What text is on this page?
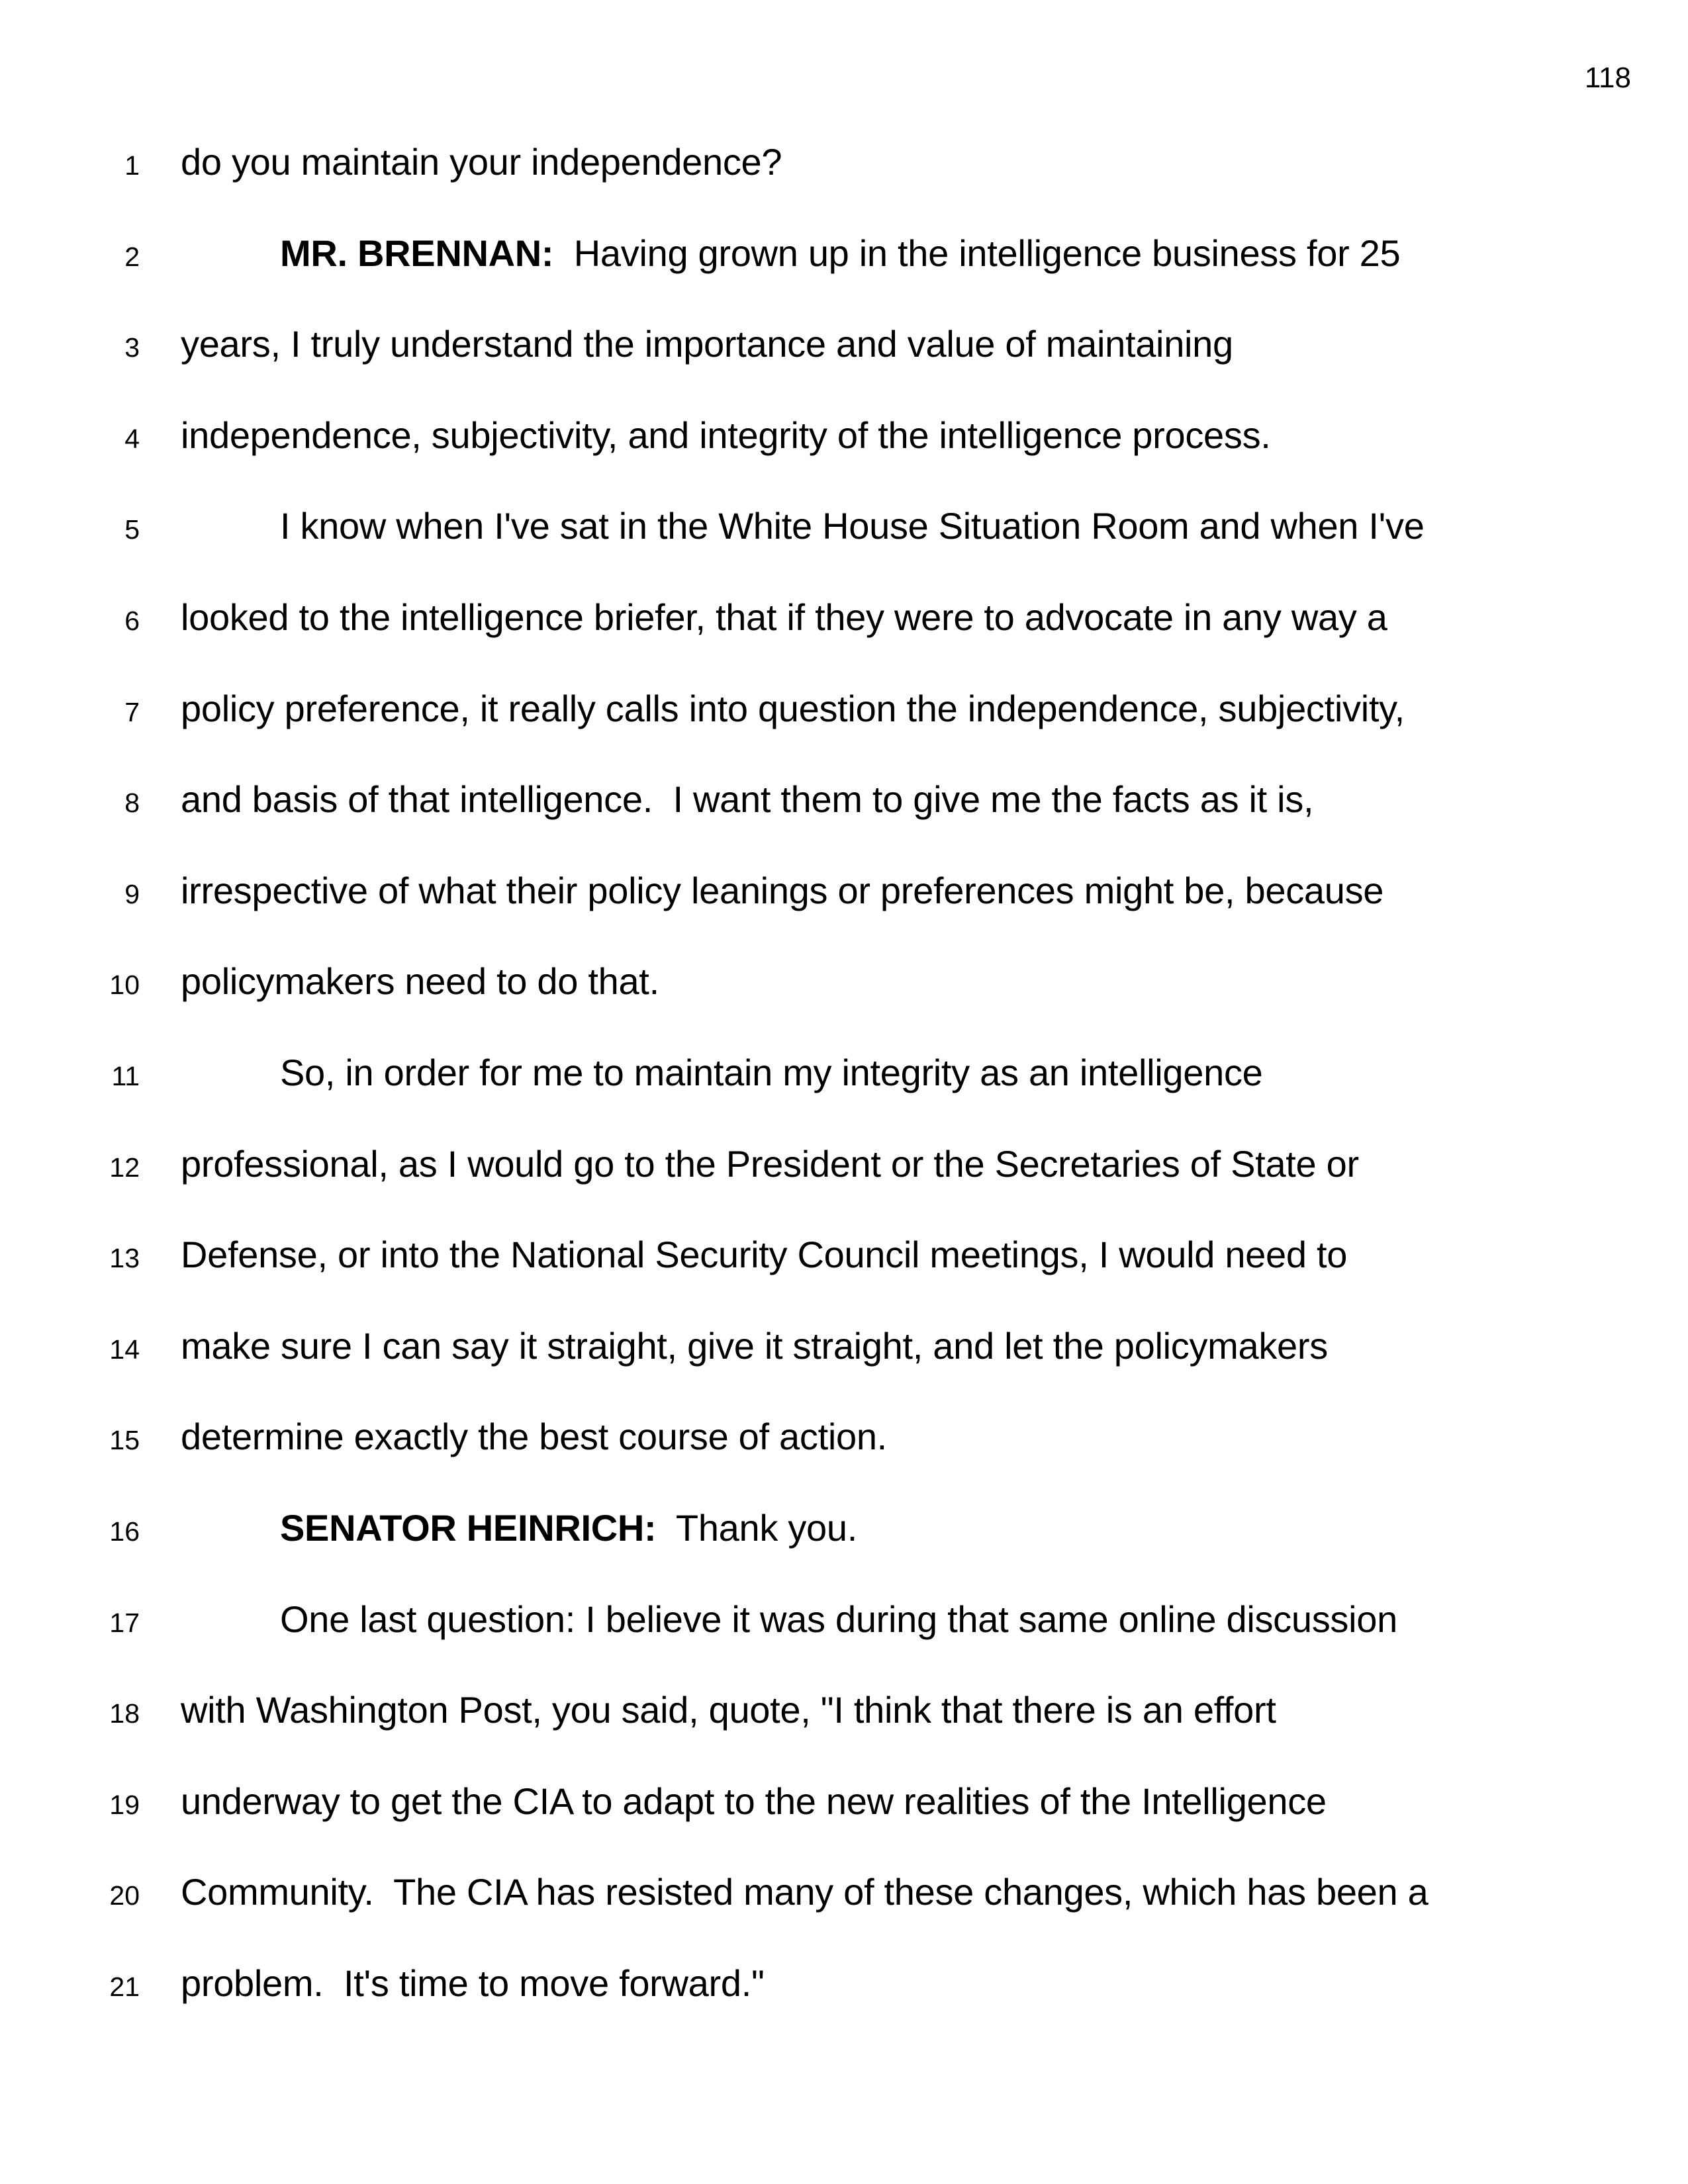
118
1 do you maintain your independence?
2	MR. BRENNAN:  Having grown up in the intelligence business for 25
3 years, I truly understand the importance and value of maintaining
4 independence, subjectivity, and integrity of the intelligence process.
5	I know when I've sat in the White House Situation Room and when I've
6 looked to the intelligence briefer, that if they were to advocate in any way a
7 policy preference, it really calls into question the independence, subjectivity,
8 and basis of that intelligence.  I want them to give me the facts as it is,
9 irrespective of what their policy leanings or preferences might be, because
10 policymakers need to do that.
11	So, in order for me to maintain my integrity as an intelligence
12 professional, as I would go to the President or the Secretaries of State or
13 Defense, or into the National Security Council meetings, I would need to
14 make sure I can say it straight, give it straight, and let the policymakers
15 determine exactly the best course of action.
16	SENATOR HEINRICH:  Thank you.
17	One last question: I believe it was during that same online discussion
18 with Washington Post, you said, quote, "I think that there is an effort
19 underway to get the CIA to adapt to the new realities of the Intelligence
20 Community.  The CIA has resisted many of these changes, which has been a
21 problem.  It's time to move forward."
